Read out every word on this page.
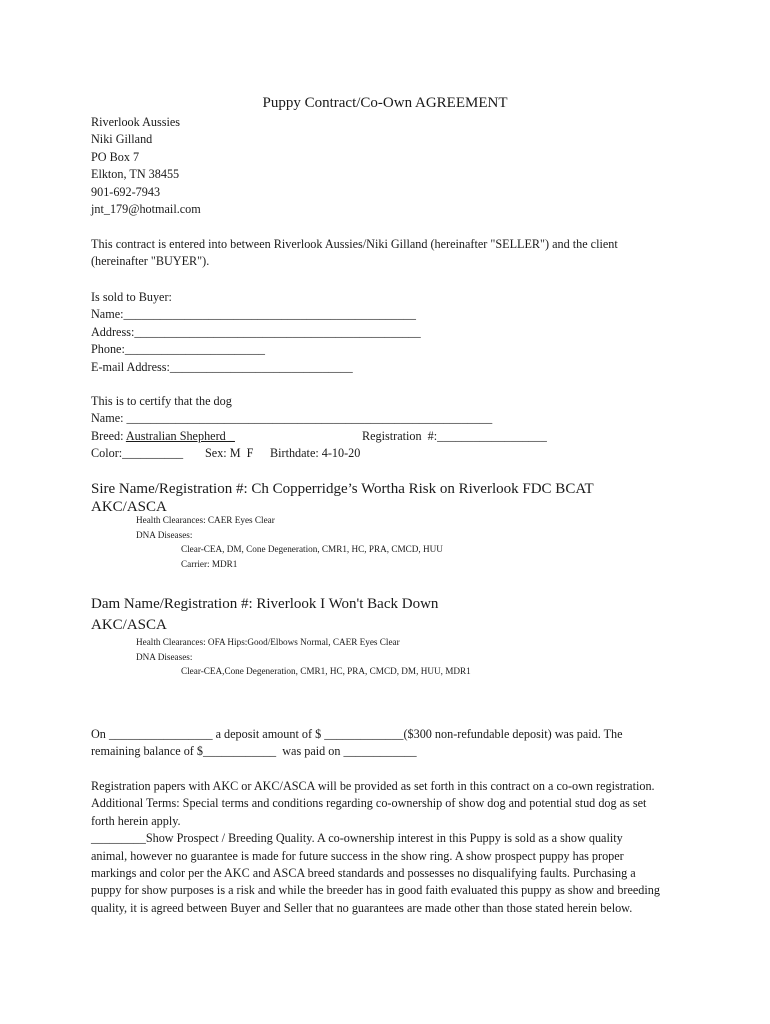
Puppy Contract/Co-Own AGREEMENT
Riverlook Aussies
Niki Gilland
PO Box 7
Elkton, TN 38455
901-692-7943
jnt_179@hotmail.com
This contract is entered into between Riverlook Aussies/Niki Gilland (hereinafter "SELLER") and the client
(hereinafter "BUYER").
Is sold to Buyer:
Name:________________________________________________
Address:_______________________________________________
Phone:_______________________
E-mail Address:______________________________
This is to certify that the dog
Name: ____________________________________________________________
Breed: Australian Shepherd _	Registration  #:__________________
Color:__________ Sex: M  F Birthdate: 4-10-20
Sire Name/Registration #: Ch Copperridge’s Wortha Risk on Riverlook FDC BCAT
AKC/ASCA
Health Clearances: CAER Eyes Clear
DNA Diseases:
Clear-CEA, DM, Cone Degeneration, CMR1, HC, PRA, CMCD, HUU
Carrier: MDR1
Dam Name/Registration #: Riverlook I Won't Back Down
AKC/ASCA
Health Clearances: OFA Hips:Good/Elbows Normal, CAER Eyes Clear
DNA Diseases:
Clear-CEA,Cone Degeneration, CMR1, HC, PRA, CMCD, DM, HUU, MDR1
On _________________ a deposit amount of $ _____________($300 non-refundable deposit) was paid. The
remaining balance of $____________  was paid on ____________
Registration papers with AKC or AKC/ASCA will be provided as set forth in this contract on a co-own registration.
Additional Terms: Special terms and conditions regarding co-ownership of show dog and potential stud dog as set
forth herein apply.
_________Show Prospect / Breeding Quality. A co-ownership interest in this Puppy is sold as a show quality
animal, however no guarantee is made for future success in the show ring. A show prospect puppy has proper
markings and color per the AKC and ASCA breed standards and possesses no disqualifying faults. Purchasing a
puppy for show purposes is a risk and while the breeder has in good faith evaluated this puppy as show and breeding
quality, it is agreed between Buyer and Seller that no guarantees are made other than those stated herein below.
